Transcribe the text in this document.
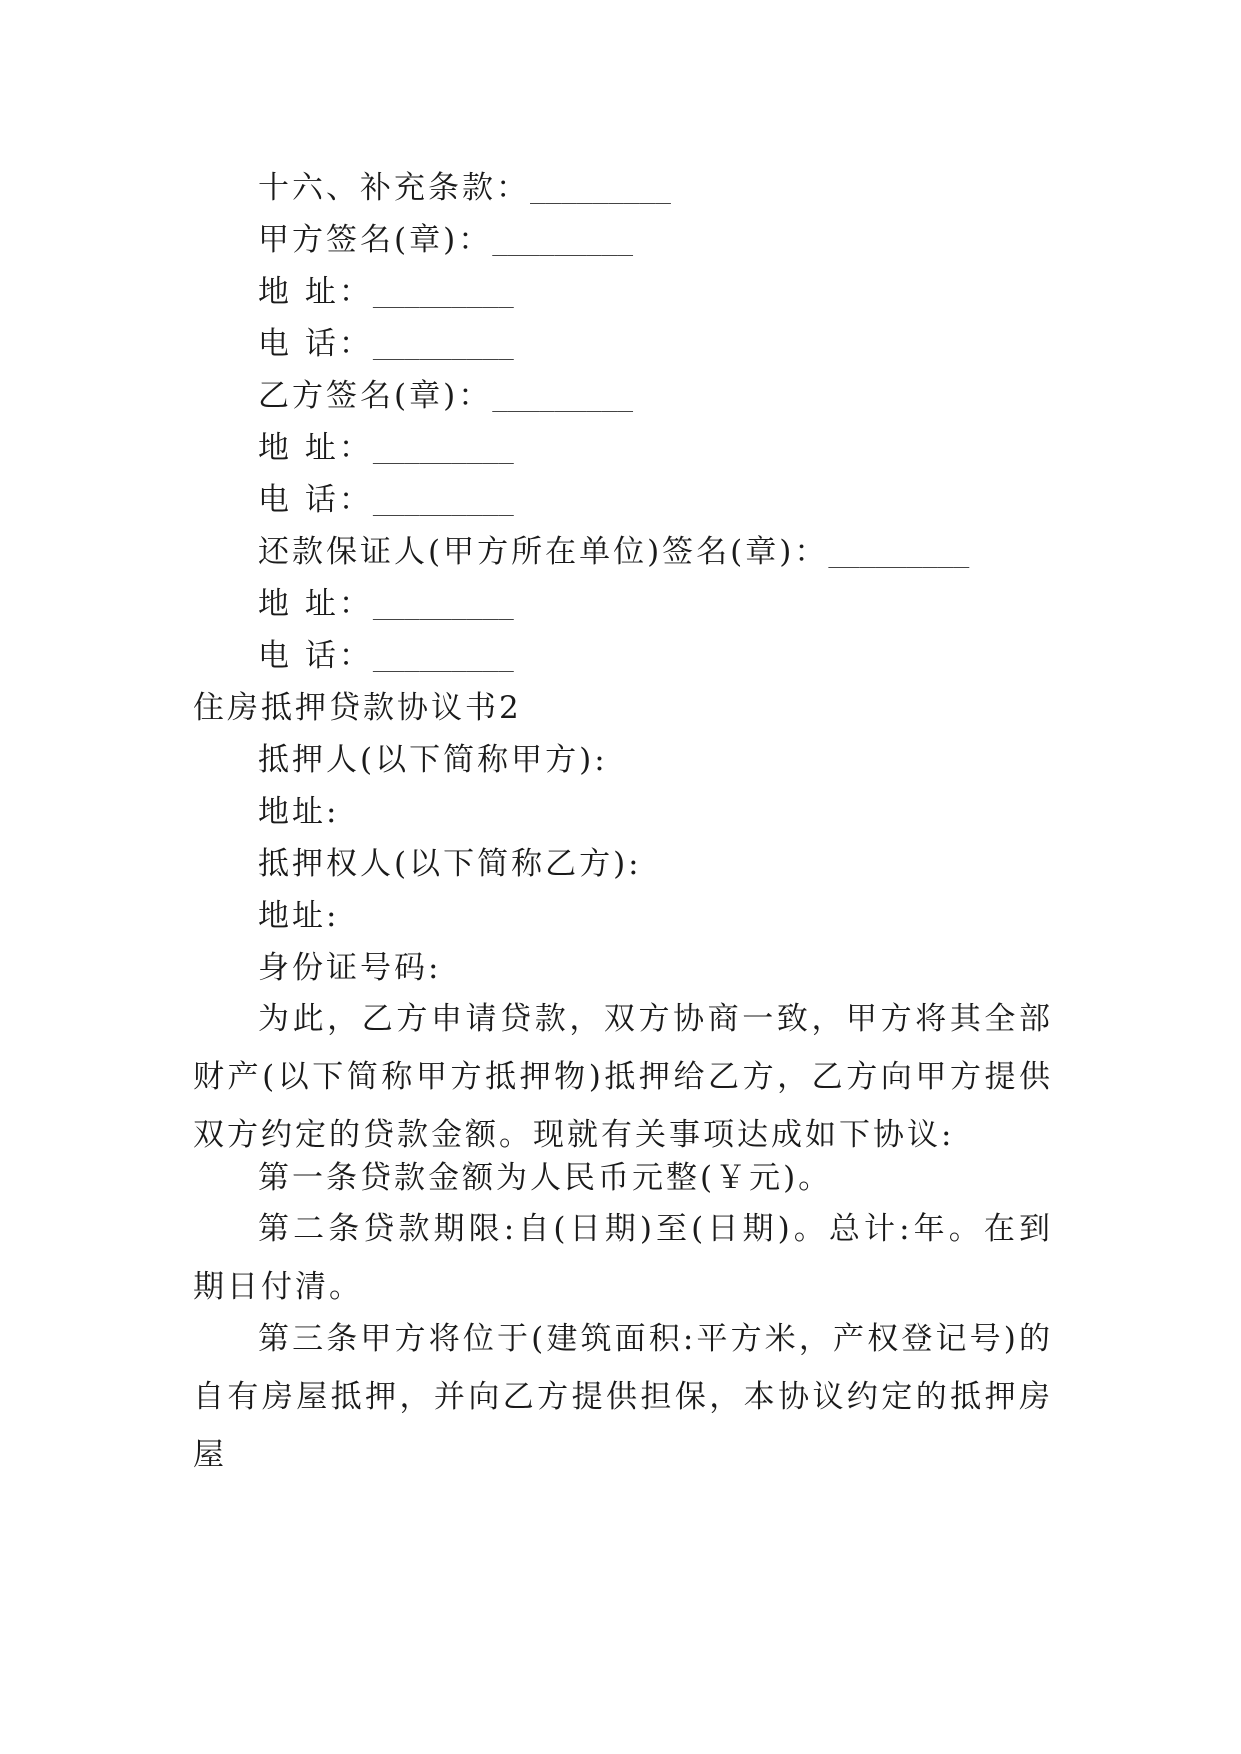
十六、补充条款：_________
甲方签名(章)：_________
地 址：_________
电 话：_________
乙方签名(章)：_________
地 址：_________
电 话：_________
还款保证人(甲方所在单位)签名(章)：_________
地 址：_________
电 话：_________
住房抵押贷款协议书2
抵押人(以下简称甲方):
地址:
抵押权人(以下简称乙方):
地址:
身份证号码:
为此，乙方申请贷款，双方协商一致，甲方将其全部财产(以下简称甲方抵押物)抵押给乙方，乙方向甲方提供双方约定的贷款金额。现就有关事项达成如下协议:
第一条贷款金额为人民币元整(￥元)。
第二条贷款期限:自(日期)至(日期)。总计:年。在到期日付清。
第三条甲方将位于(建筑面积:平方米，产权登记号)的自有房屋抵押，并向乙方提供担保，本协议约定的抵押房屋
